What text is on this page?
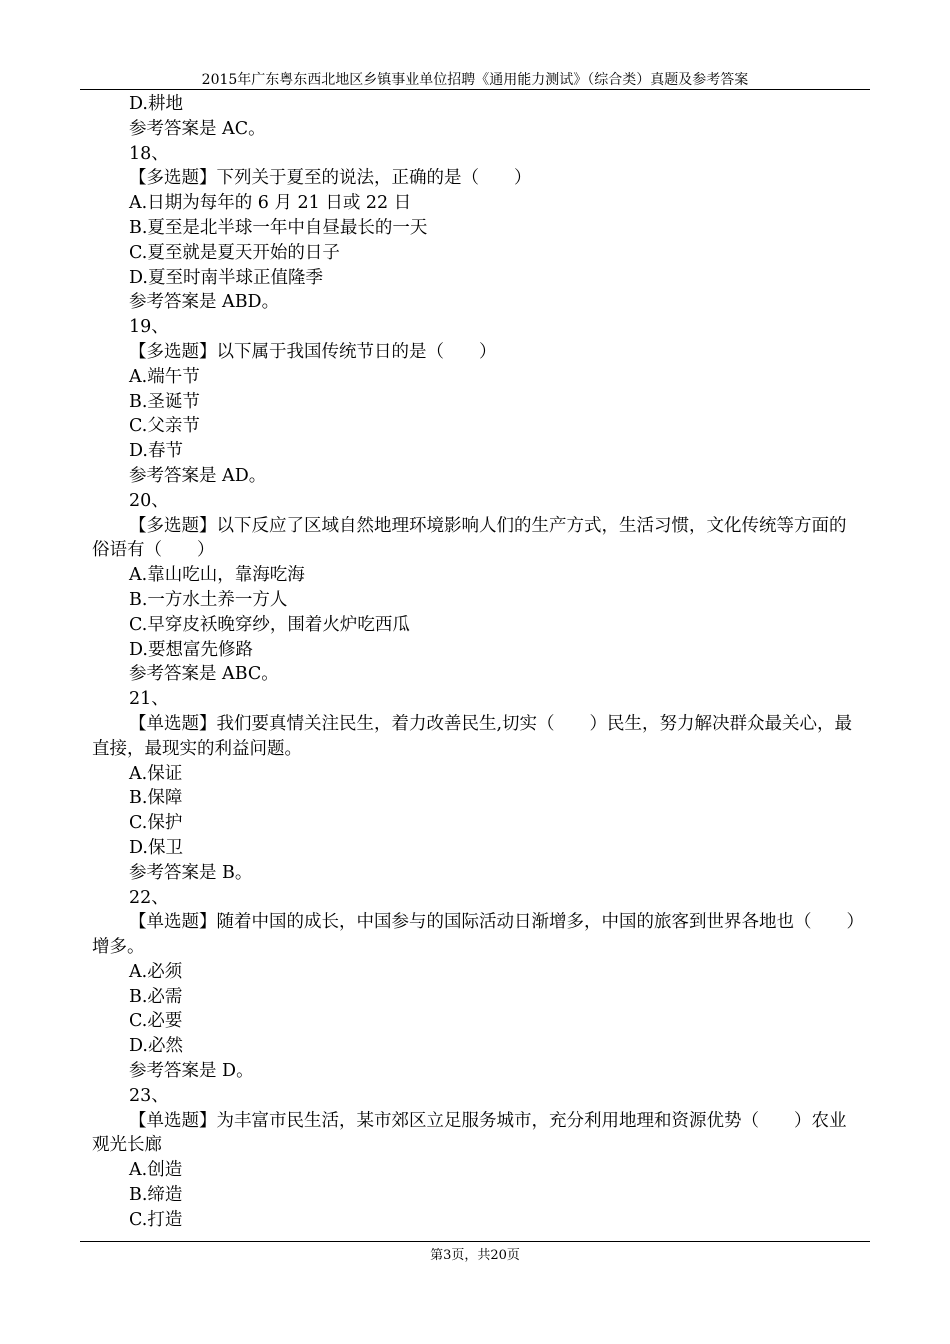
2015年广东粤东西北地区乡镇事业单位招聘《通用能力测试》（综合类）真题及参考答案
D.耕地
参考答案是 AC。
18、
【多选题】下列关于夏至的说法，正确的是（　　）
A.日期为每年的 6 月 21 日或 22 日
B.夏至是北半球一年中自昼最长的一天
C.夏至就是夏天开始的日子
D.夏至时南半球正值隆季
参考答案是 ABD。
19、
【多选题】以下属于我国传统节日的是（　　）
A.端午节
B.圣诞节
C.父亲节
D.春节
参考答案是 AD。
20、
【多选题】以下反应了区域自然地理环境影响人们的生产方式，生活习惯，文化传统等方面的俗语有（　　）
A.靠山吃山，靠海吃海
B.一方水土养一方人
C.早穿皮袄晚穿纱，围着火炉吃西瓜
D.要想富先修路
参考答案是 ABC。
21、
【单选题】我们要真情关注民生，着力改善民生,切实（　　）民生，努力解决群众最关心，最直接，最现实的利益问题。
A.保证
B.保障
C.保护
D.保卫
参考答案是 B。
22、
【单选题】随着中国的成长，中国参与的国际活动日渐增多，中国的旅客到世界各地也（　　）增多。
A.必须
B.必需
C.必要
D.必然
参考答案是 D。
23、
【单选题】为丰富市民生活，某市郊区立足服务城市，充分利用地理和资源优势（　　）农业观光长廊
A.创造
B.缔造
C.打造
第3页，共20页
